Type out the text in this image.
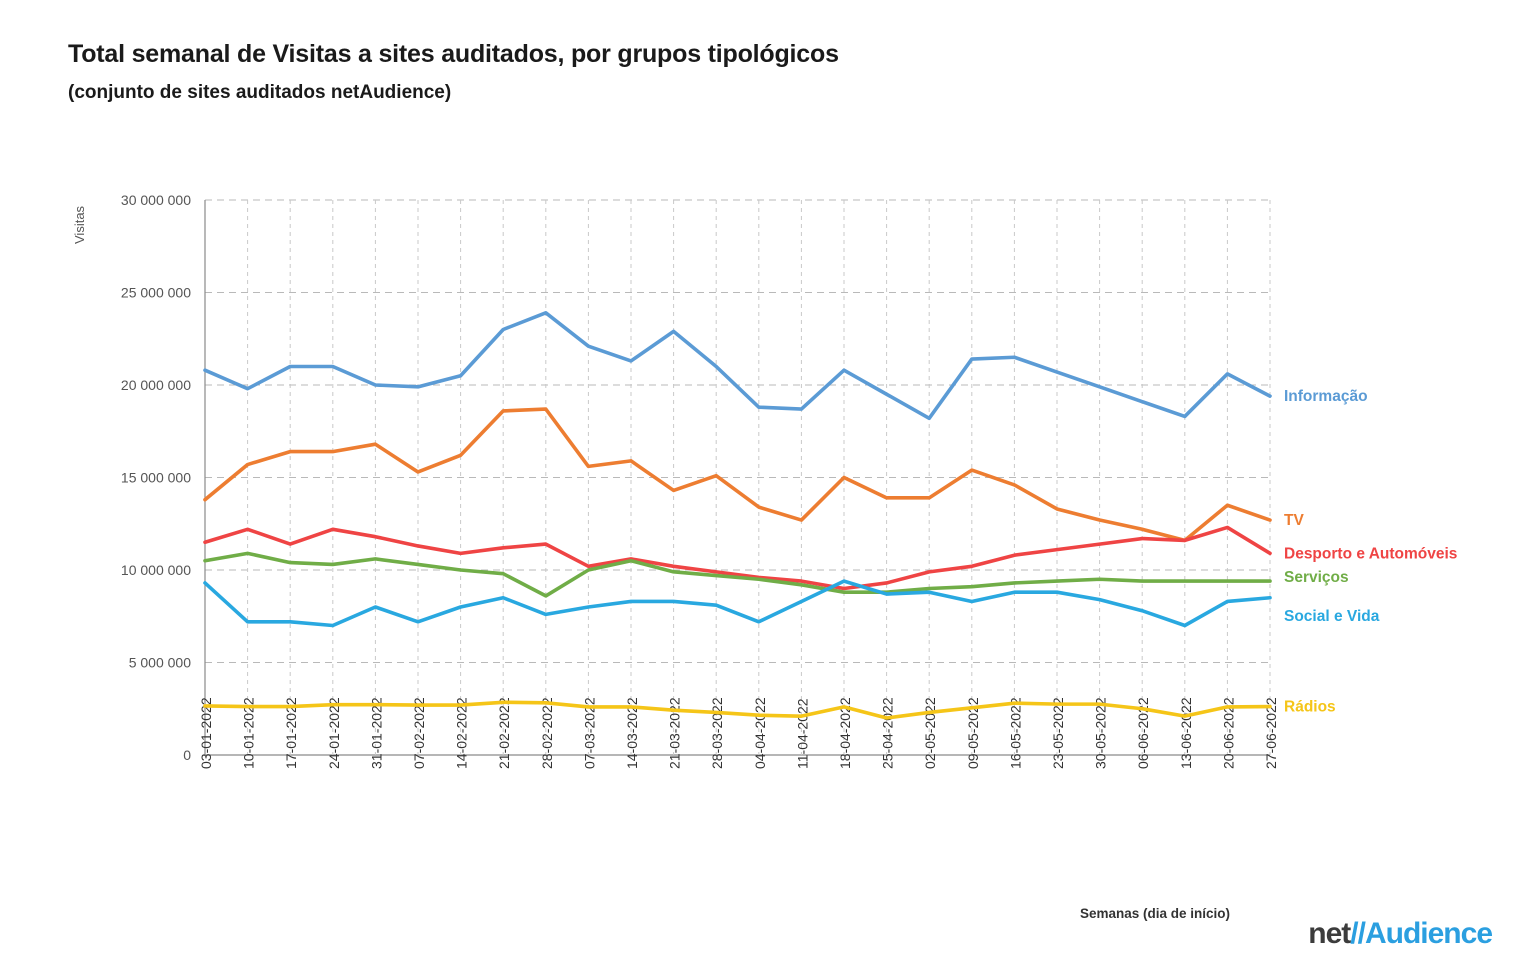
Total semanal de Visitas a sites auditados, por grupos tipológicos
(conjunto de sites auditados netAudience)
0
5 000 000
10 000 000
15 000 000
20 000 000
25 000 000
30 000 000
03-01-2022 10-01-2022 17-01-2022 24-01-2022 31-01-2022 07-02-2022 14-02-2022 21-02-2022 28-02-2022 07-03-2022 14-03-2022 21-03-2022 28-03-2022 04-04-2022 11-04-2022 18-04-2022 25-04-2022 02-05-2022 09-05-2022 16-05-2022 23-05-2022 30-05-2022 06-06-2022 13-06-2022 20-06-2022 27-06-2022
Visitas
Semanas (dia de início)
Informação
TV
Desporto e Automóveis
Serviços
Social e Vida
Rádios
net//Audience
